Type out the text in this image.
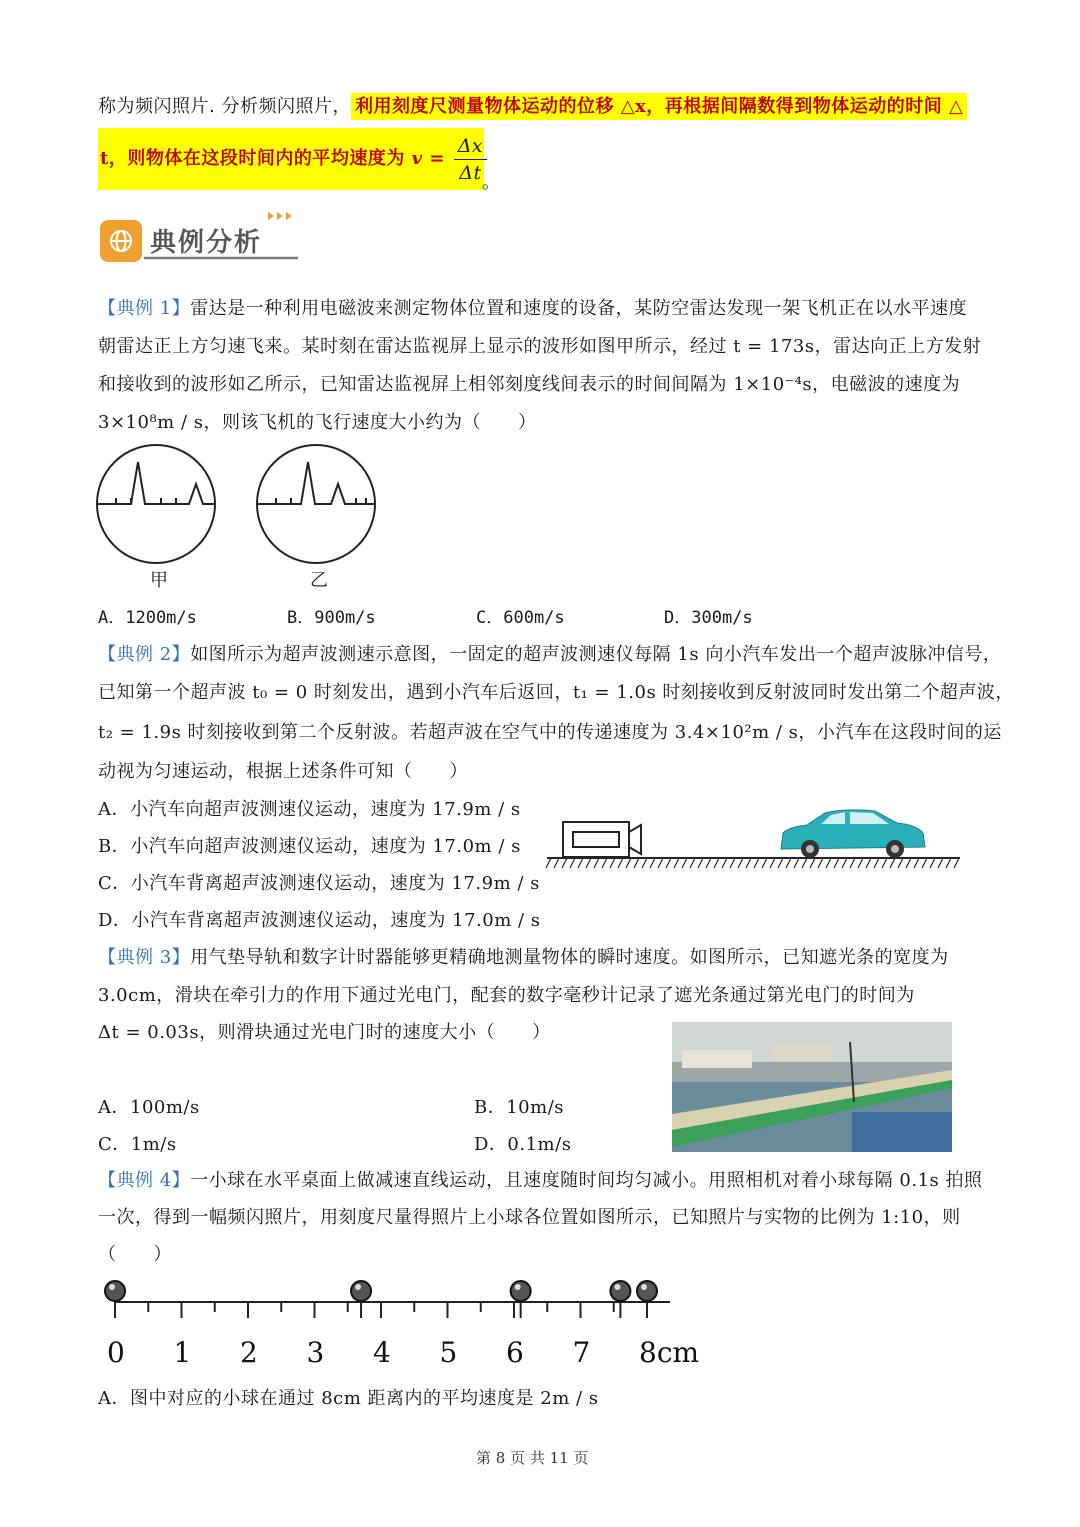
称为频闪照片. 分析频闪照片， 利用刻度尺测量物体运动的位移 △x，再根据间隔数得到物体运动的时间 △
t，则物体在这段时间内的平均速度为 $v = \frac{\Delta x}{\Delta t}$
。
典例分析
【典例 1】雷达是一种利用电磁波来测定物体位置和速度的设备，某防空雷达发现一架飞机正在以水平速度
朝雷达正上方匀速飞来。某时刻在雷达监视屏上显示的波形如图甲所示，经过 t = 173s，雷达向正上方发射
和接收到的波形如乙所示，已知雷达监视屏上相邻刻度线间表示的时间间隔为 1×10⁻⁴s，电磁波的速度为
3×10⁸m / s，则该飞机的飞行速度大小约为（　　）
甲	乙
A．1200m/s	B．900m/s	C．600m/s	D．300m/s
【典例 2】如图所示为超声波测速示意图，一固定的超声波测速仪每隔 1s 向小汽车发出一个超声波脉冲信号，
已知第一个超声波 t₀ = 0 时刻发出，遇到小汽车后返回，t₁ = 1.0s 时刻接收到反射波同时发出第二个超声波，
t₂ = 1.9s 时刻接收到第二个反射波。若超声波在空气中的传递速度为 3.4×10²m / s，小汽车在这段时间的运
动视为匀速运动，根据上述条件可知（　　）
A．小汽车向超声波测速仪运动，速度为 17.9m / s
B．小汽车向超声波测速仪运动，速度为 17.0m / s
C．小汽车背离超声波测速仪运动，速度为 17.9m / s
D．小汽车背离超声波测速仪运动，速度为 17.0m / s
【典例 3】用气垫导轨和数字计时器能够更精确地测量物体的瞬时速度。如图所示，已知遮光条的宽度为
3.0cm，滑块在牵引力的作用下通过光电门，配套的数字毫秒计记录了遮光条通过第光电门的时间为
Δt = 0.03s，则滑块通过光电门时的速度大小（　　）
A．100m/s	B．10m/s
C．1m/s	D．0.1m/s
【典例 4】一小球在水平桌面上做减速直线运动，且速度随时间均匀减小。用照相机对着小球每隔 0.1s 拍照
一次，得到一幅频闪照片，用刻度尺量得照片上小球各位置如图所示，已知照片与实物的比例为 1:10，则
（　　）
0 1 2 3 4 5 6 7 8cm
A．图中对应的小球在通过 8cm 距离内的平均速度是 2m / s
第 8 页 共 11 页
